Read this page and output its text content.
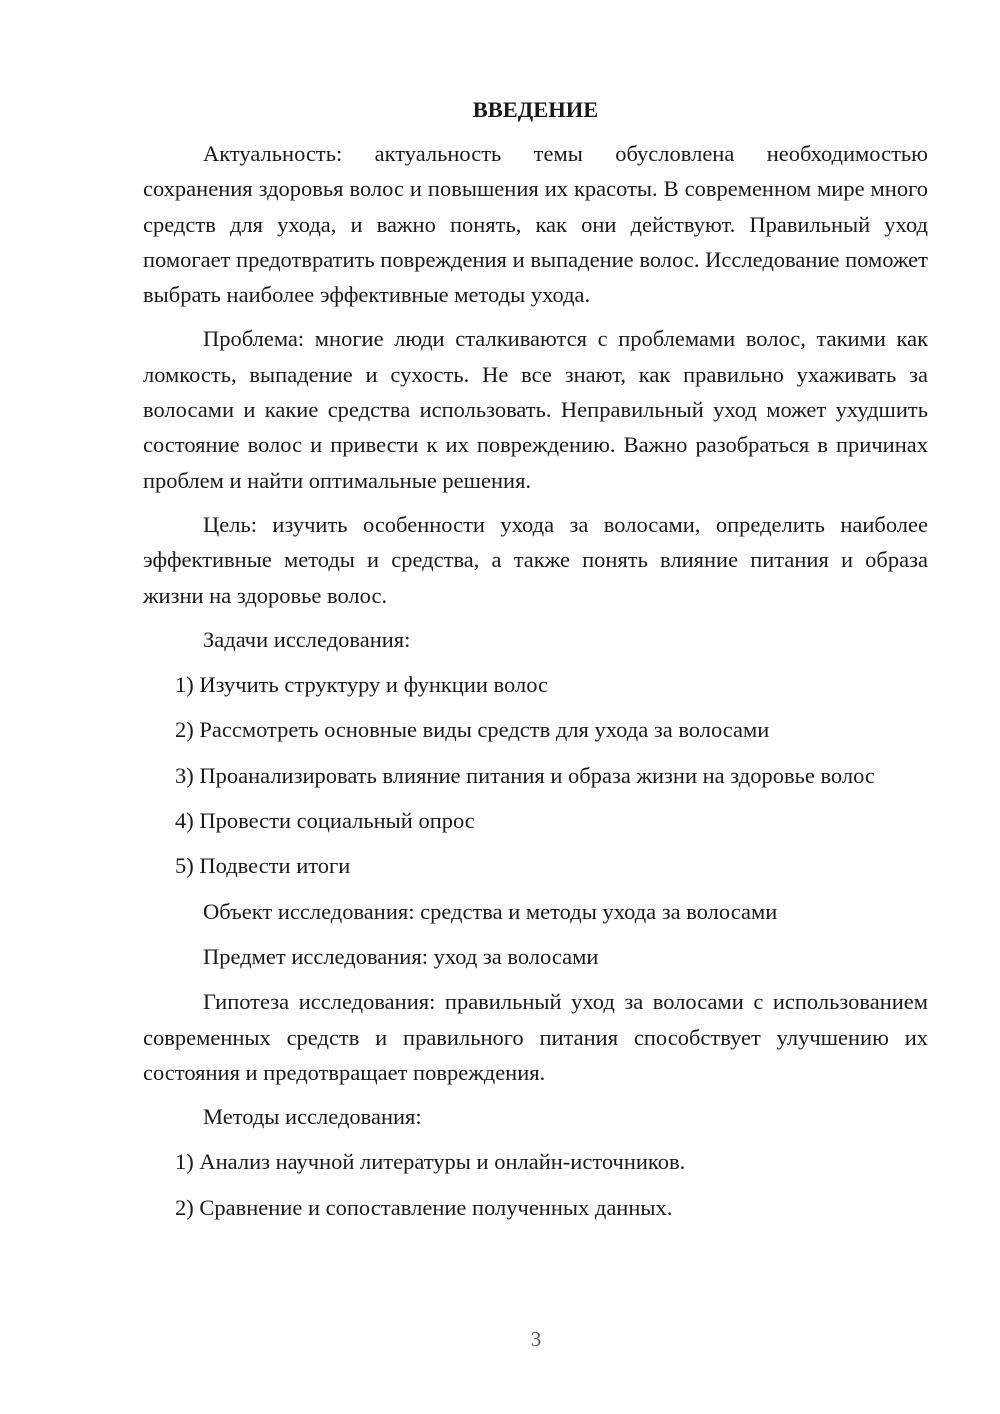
ВВЕДЕНИЕ

Актуальность: актуальность темы обусловлена необходимостью сохранения здоровья волос и повышения их красоты. В современном мире много средств для ухода, и важно понять, как они действуют. Правильный уход помогает предотвратить повреждения и выпадение волос. Исследование поможет выбрать наиболее эффективные методы ухода.

Проблема: многие люди сталкиваются с проблемами волос, такими как ломкость, выпадение и сухость. Не все знают, как правильно ухаживать за волосами и какие средства использовать. Неправильный уход может ухудшить состояние волос и привести к их повреждению. Важно разобраться в причинах проблем и найти оптимальные решения.

Цель: изучить особенности ухода за волосами, определить наиболее эффективные методы и средства, а также понять влияние питания и образа жизни на здоровье волос.

Задачи исследования:

1) Изучить структуру и функции волос

2) Рассмотреть основные виды средств для ухода за волосами

3) Проанализировать влияние питания и образа жизни на здоровье волос

4) Провести социальный опрос

5) Подвести итоги

Объект исследования: средства и методы ухода за волосами

Предмет исследования: уход за волосами

Гипотеза исследования: правильный уход за волосами с использованием современных средств и правильного питания способствует улучшению их состояния и предотвращает повреждения.

Методы исследования:

1) Анализ научной литературы и онлайн-источников.

2) Сравнение и сопоставление полученных данных.

3
